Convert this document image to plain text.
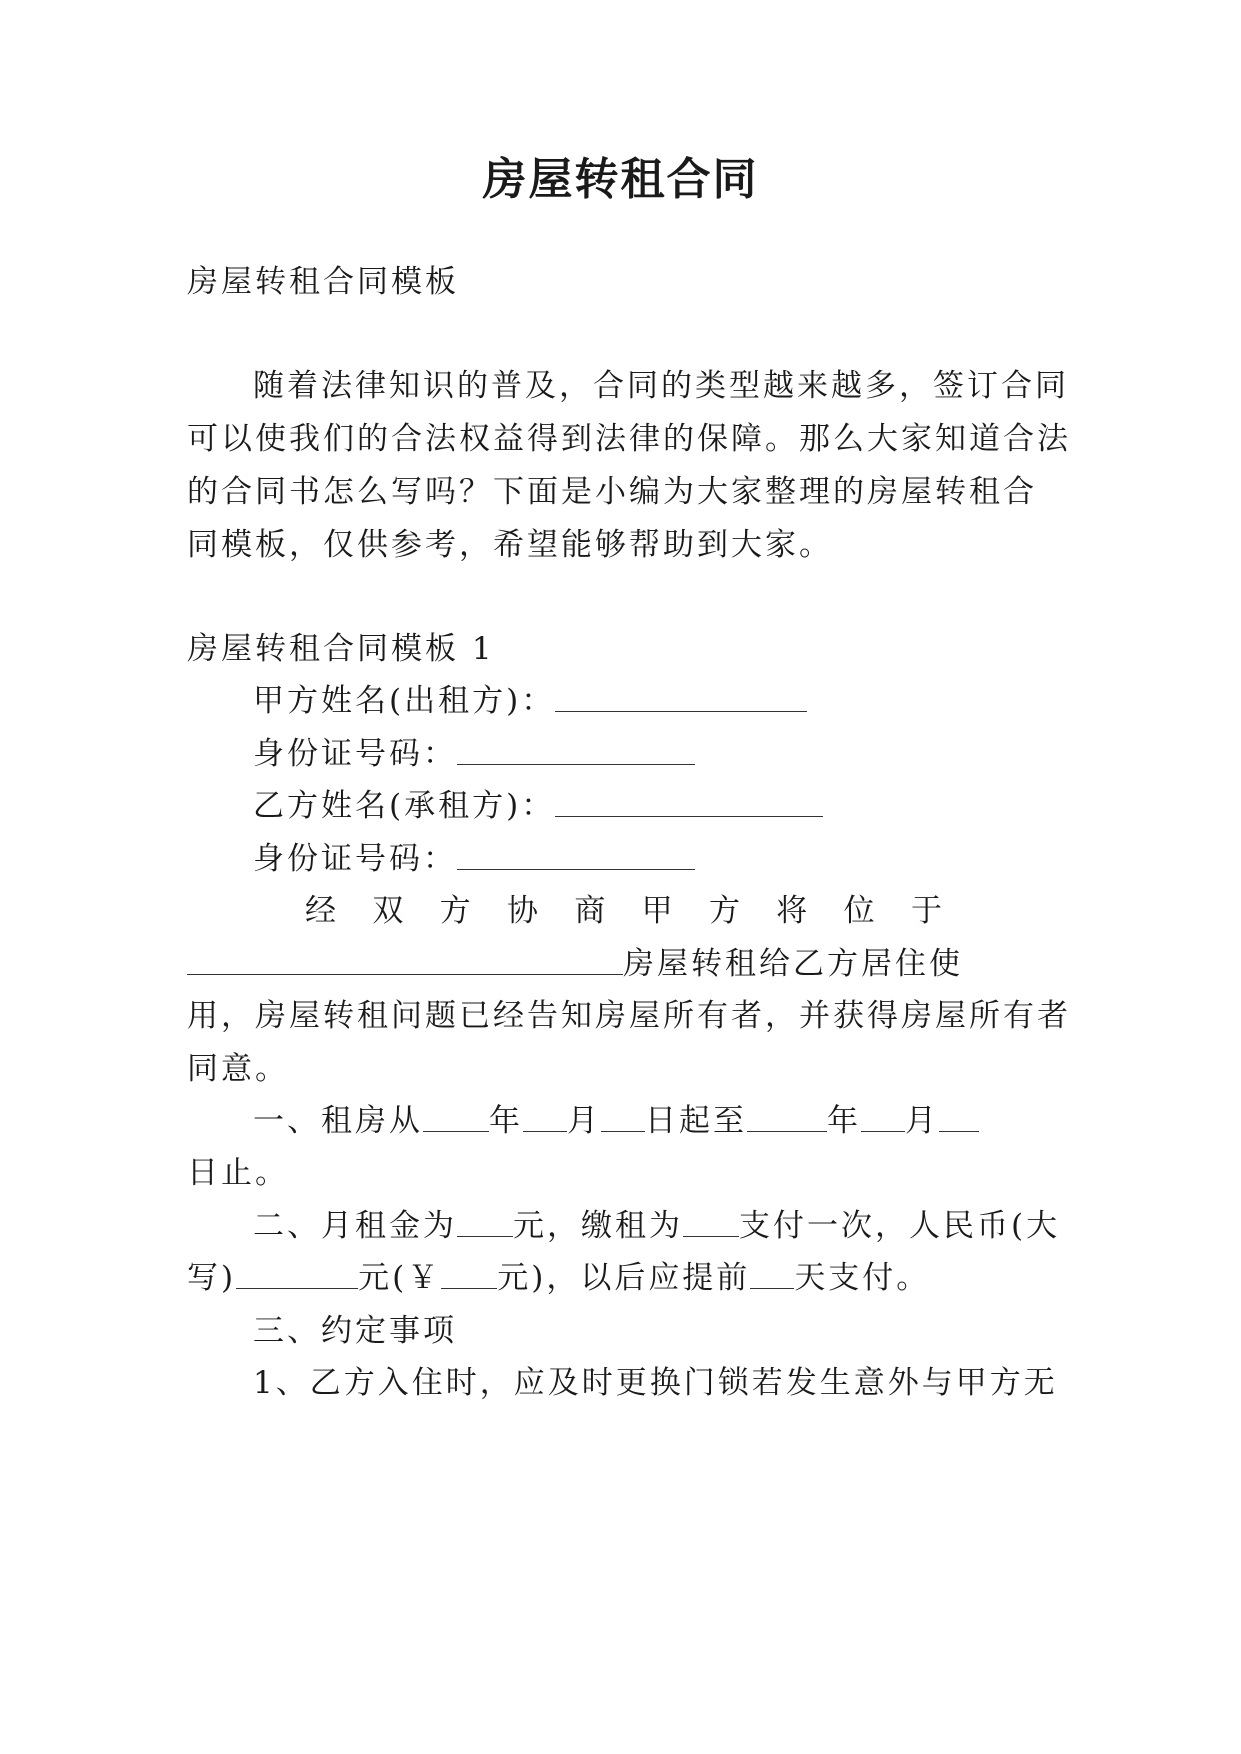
房屋转租合同
房屋转租合同模板
随着法律知识的普及，合同的类型越来越多，签订合同
可以使我们的合法权益得到法律的保障。那么大家知道合法
的合同书怎么写吗？下面是小编为大家整理的房屋转租合
同模板，仅供参考，希望能够帮助到大家。
房屋转租合同模板 1
甲方姓名(出租方)：
身份证号码：
乙方姓名(承租方)：
身份证号码：
经 双 方 协 商 甲 方 将 位 于
房屋转租给乙方居住使
用，房屋转租问题已经告知房屋所有者，并获得房屋所有者
同意。
一、租房从 年 月 日起至	年 月
日止。
二、月租金为 元，缴租为 支付一次，人民币(大
写)	元(￥ 元)，以后应提前 天支付。
三、约定事项
1、乙方入住时，应及时更换门锁若发生意外与甲方无
